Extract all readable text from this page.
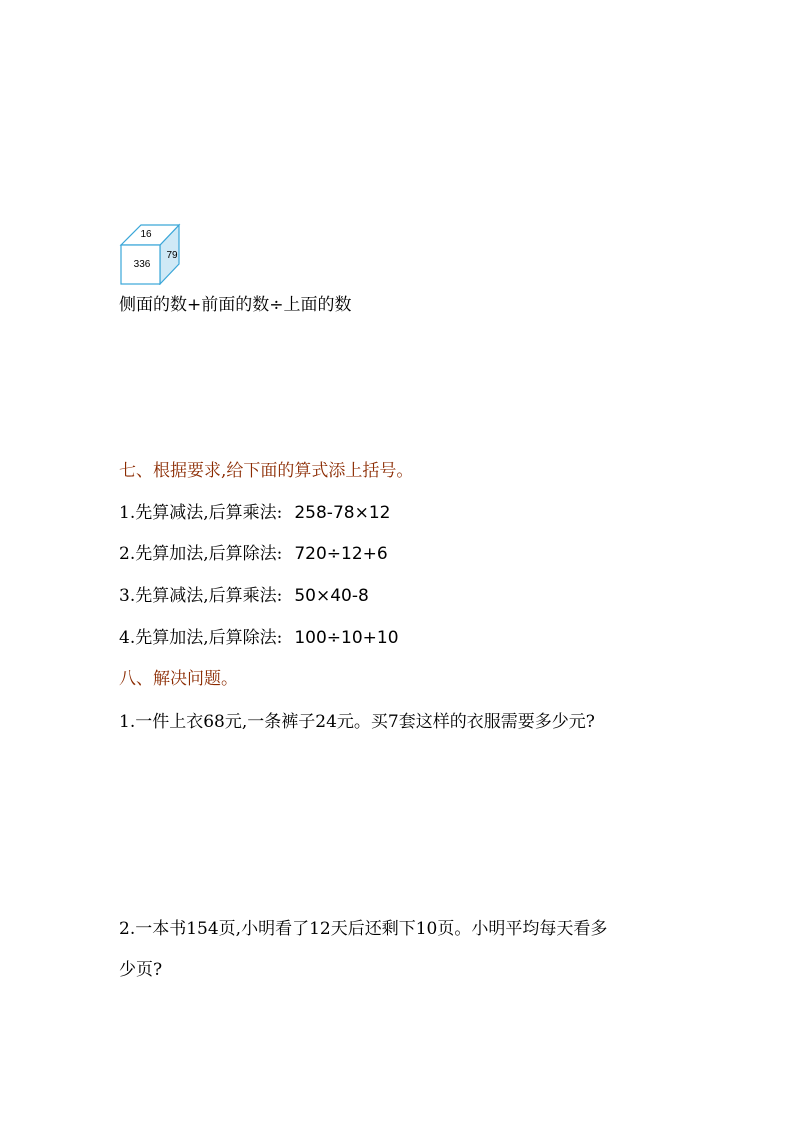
16
336
79
侧面的数+前面的数÷上面的数
七、根据要求,给下面的算式添上括号。
1.先算减法,后算乘法: 258-78×12
2.先算加法,后算除法: 720÷12+6
3.先算减法,后算乘法: 50×40-8
4.先算加法,后算除法: 100÷10+10
八、解决问题。
1.一件上衣68元,一条裤子24元。买7套这样的衣服需要多少元?
2.一本书154页,小明看了12天后还剩下10页。小明平均每天看多
少页?
